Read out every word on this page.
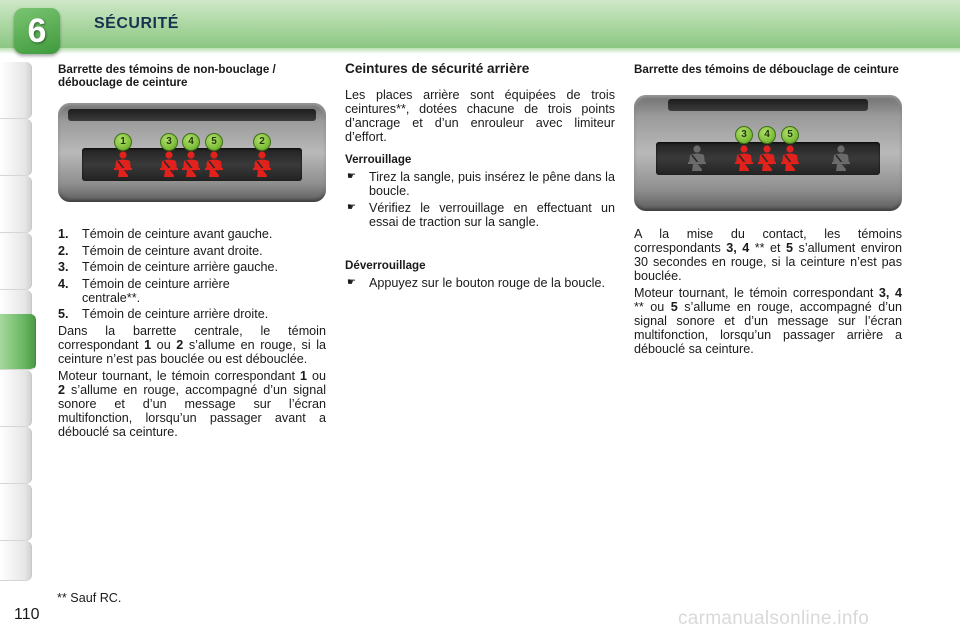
6	SÉCURITÉ
Barrette des témoins de non-bouclage / débouclage de ceinture
1	3	4	5	2
1.	Témoin de ceinture avant gauche.
2.	Témoin de ceinture avant droite.
3.	Témoin de ceinture arrière gauche.
4.	Témoin de ceinture arrière centrale**.
5.	Témoin de ceinture arrière droite.

Dans la barrette centrale, le témoin correspondant 1 ou 2 s’allume en rouge, si la ceinture n’est pas bouclée ou est débouclée.

Moteur tournant, le témoin correspondant 1 ou 2 s’allume en rouge, accompagné d’un signal sonore et d’un message sur l’écran multifonction, lorsqu’un passager avant a débouclé sa ceinture.

Ceintures de sécurité arrière

Les places arrière sont équipées de trois ceintures**, dotées chacune de trois points d’ancrage et d’un enrouleur avec limiteur d’effort.

Verrouillage
☛	Tirez la sangle, puis insérez le pêne dans la boucle.
☛	Vérifiez le verrouillage en effectuant un essai de traction sur la sangle.
Déverrouillage
☛	Appuyez sur le bouton rouge de la boucle.
Barrette des témoins de débouclage de ceinture
3	4	5

A la mise du contact, les témoins correspondants 3, 4 ** et 5 s’allument environ 30 secondes en rouge, si la ceinture n’est pas bouclée.

Moteur tournant, le témoin correspondant 3, 4 ** ou 5 s’allume en rouge, accompagné d’un signal sonore et d’un message sur l’écran multifonction, lorsqu’un passager arrière a débouclé sa ceinture.

** Sauf RC.
110	carmanualsonline.info
